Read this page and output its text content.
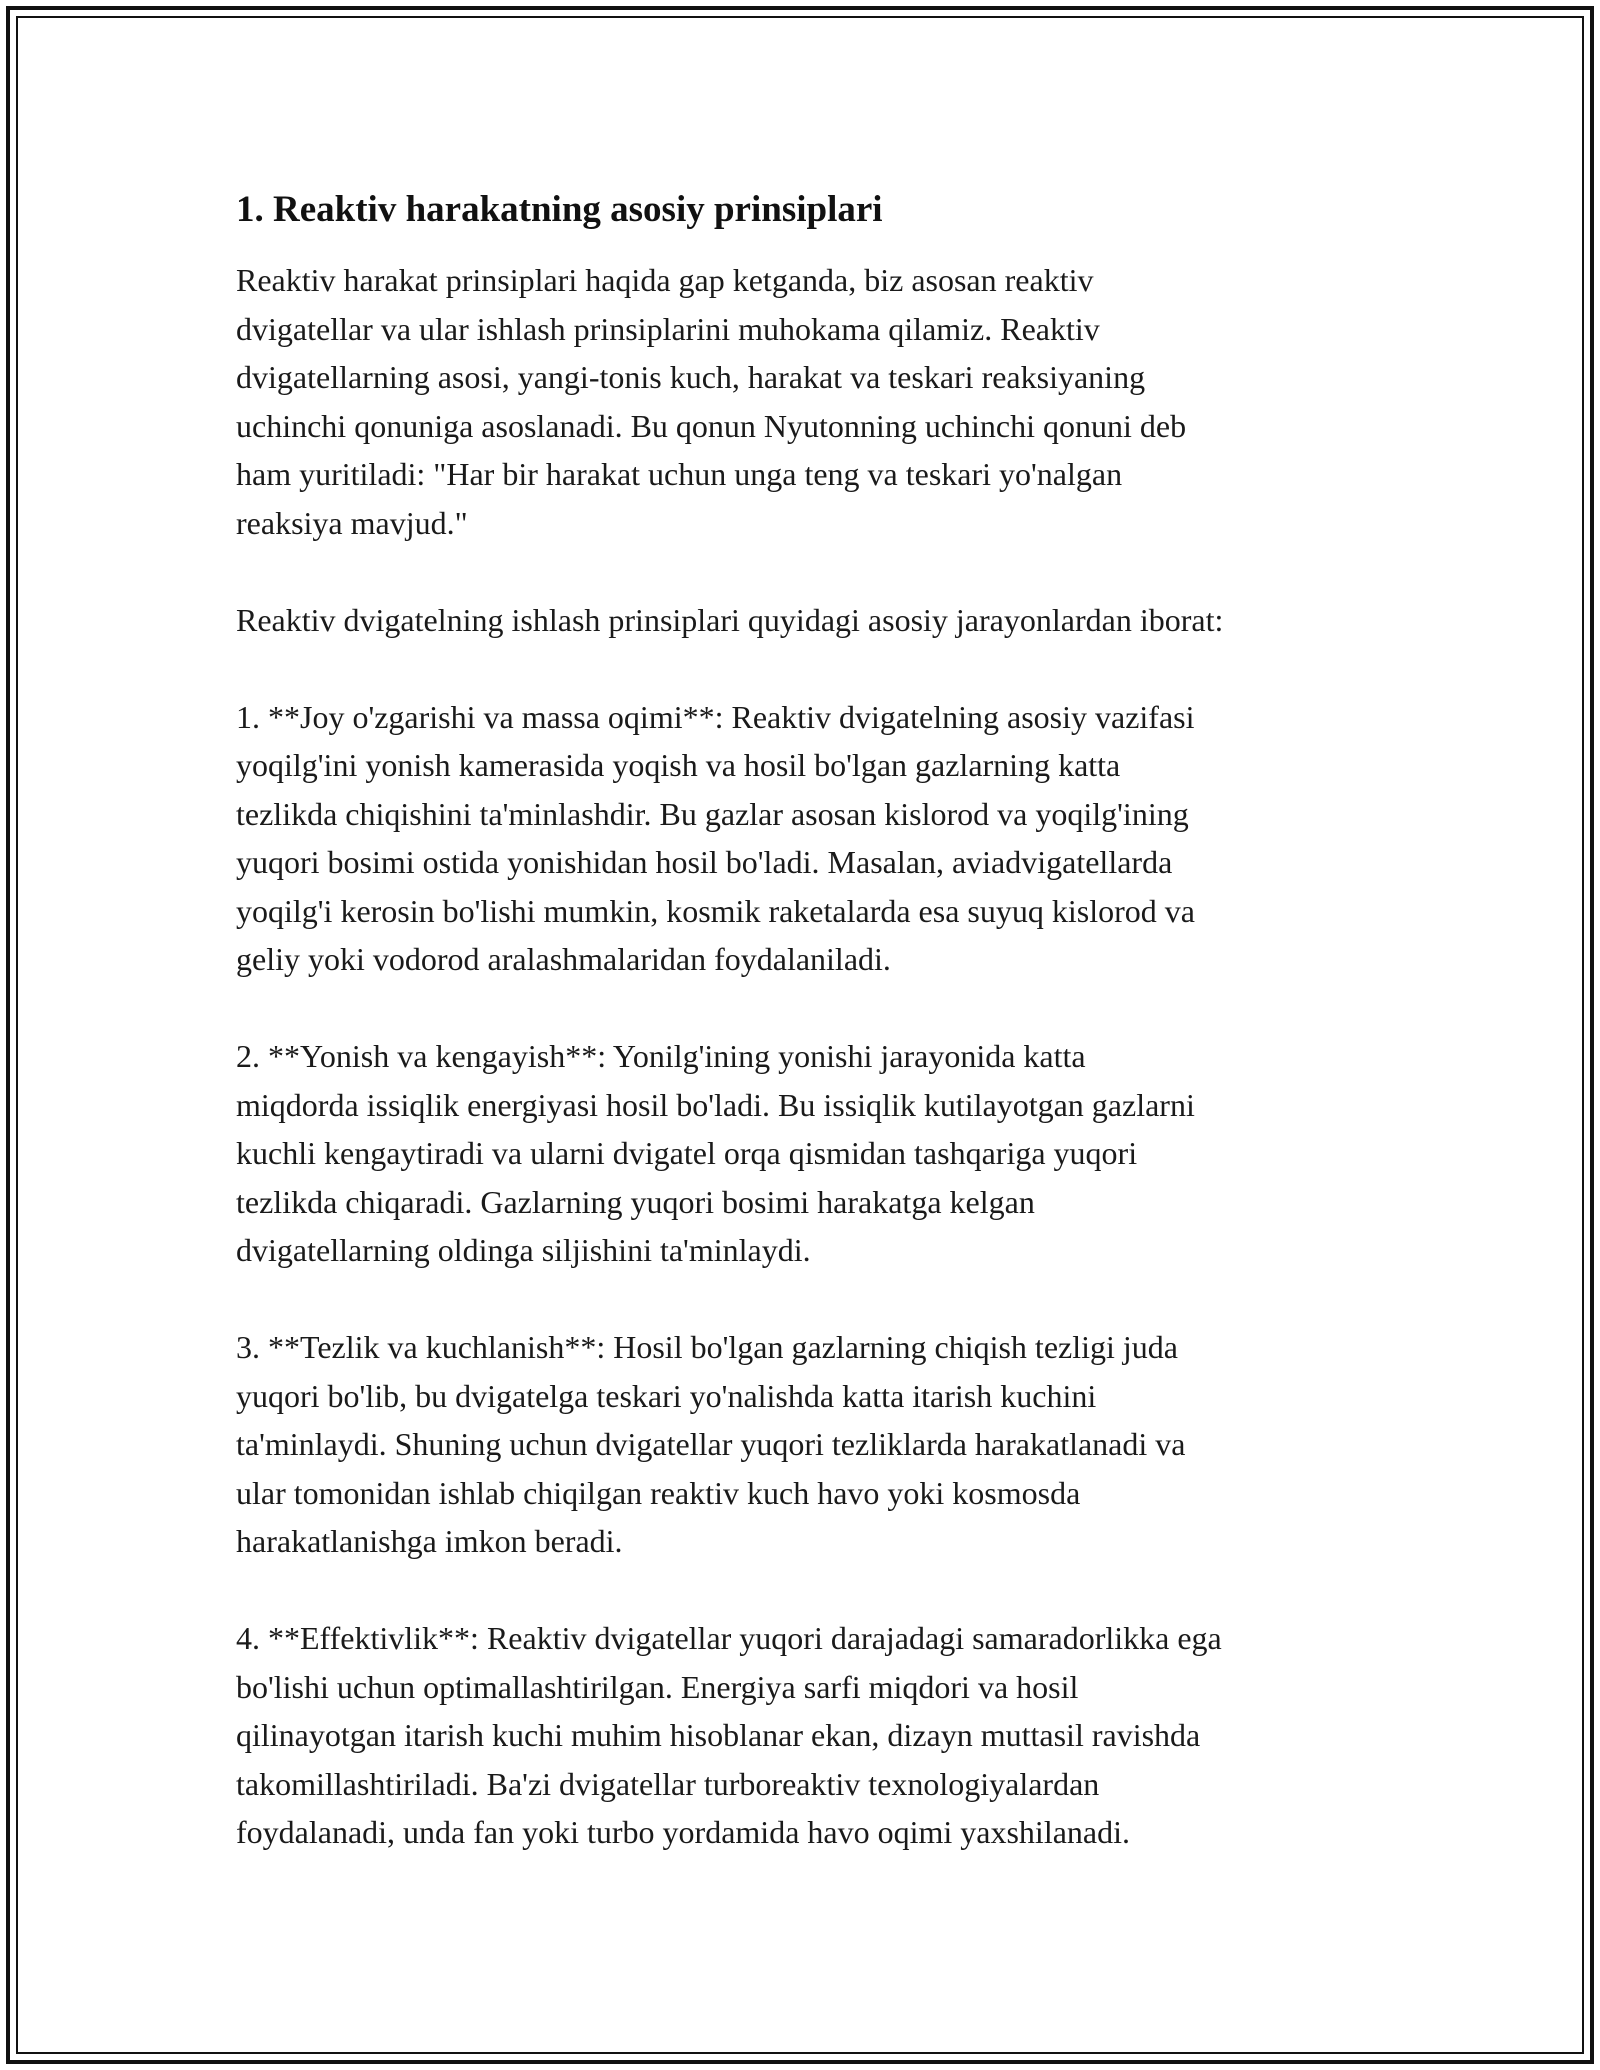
1. Reaktiv harakatning asosiy prinsiplari

Reaktiv harakat prinsiplari haqida gap ketganda, biz asosan reaktiv
dvigatellar va ular ishlash prinsiplarini muhokama qilamiz. Reaktiv
dvigatellarning asosi, yangi-tonis kuch, harakat va teskari reaksiyaning
uchinchi qonuniga asoslanadi. Bu qonun Nyutonning uchinchi qonuni deb
ham yuritiladi: "Har bir harakat uchun unga teng va teskari yo'nalgan
reaksiya mavjud."

Reaktiv dvigatelning ishlash prinsiplari quyidagi asosiy jarayonlardan iborat:

1. **Joy o'zgarishi va massa oqimi**: Reaktiv dvigatelning asosiy vazifasi
yoqilg'ini yonish kamerasida yoqish va hosil bo'lgan gazlarning katta
tezlikda chiqishini ta'minlashdir. Bu gazlar asosan kislorod va yoqilg'ining
yuqori bosimi ostida yonishidan hosil bo'ladi. Masalan, aviadvigatellarda
yoqilg'i kerosin bo'lishi mumkin, kosmik raketalarda esa suyuq kislorod va
geliy yoki vodorod aralashmalaridan foydalaniladi.

2. **Yonish va kengayish**: Yonilg'ining yonishi jarayonida katta
miqdorda issiqlik energiyasi hosil bo'ladi. Bu issiqlik kutilayotgan gazlarni
kuchli kengaytiradi va ularni dvigatel orqa qismidan tashqariga yuqori
tezlikda chiqaradi. Gazlarning yuqori bosimi harakatga kelgan
dvigatellarning oldinga siljishini ta'minlaydi.

3. **Tezlik va kuchlanish**: Hosil bo'lgan gazlarning chiqish tezligi juda
yuqori bo'lib, bu dvigatelga teskari yo'nalishda katta itarish kuchini
ta'minlaydi. Shuning uchun dvigatellar yuqori tezliklarda harakatlanadi va
ular tomonidan ishlab chiqilgan reaktiv kuch havo yoki kosmosda
harakatlanishga imkon beradi.

4. **Effektivlik**: Reaktiv dvigatellar yuqori darajadagi samaradorlikka ega
bo'lishi uchun optimallashtirilgan. Energiya sarfi miqdori va hosil
qilinayotgan itarish kuchi muhim hisoblanar ekan, dizayn muttasil ravishda
takomillashtiriladi. Ba'zi dvigatellar turboreaktiv texnologiyalardan
foydalanadi, unda fan yoki turbo yordamida havo oqimi yaxshilanadi.
